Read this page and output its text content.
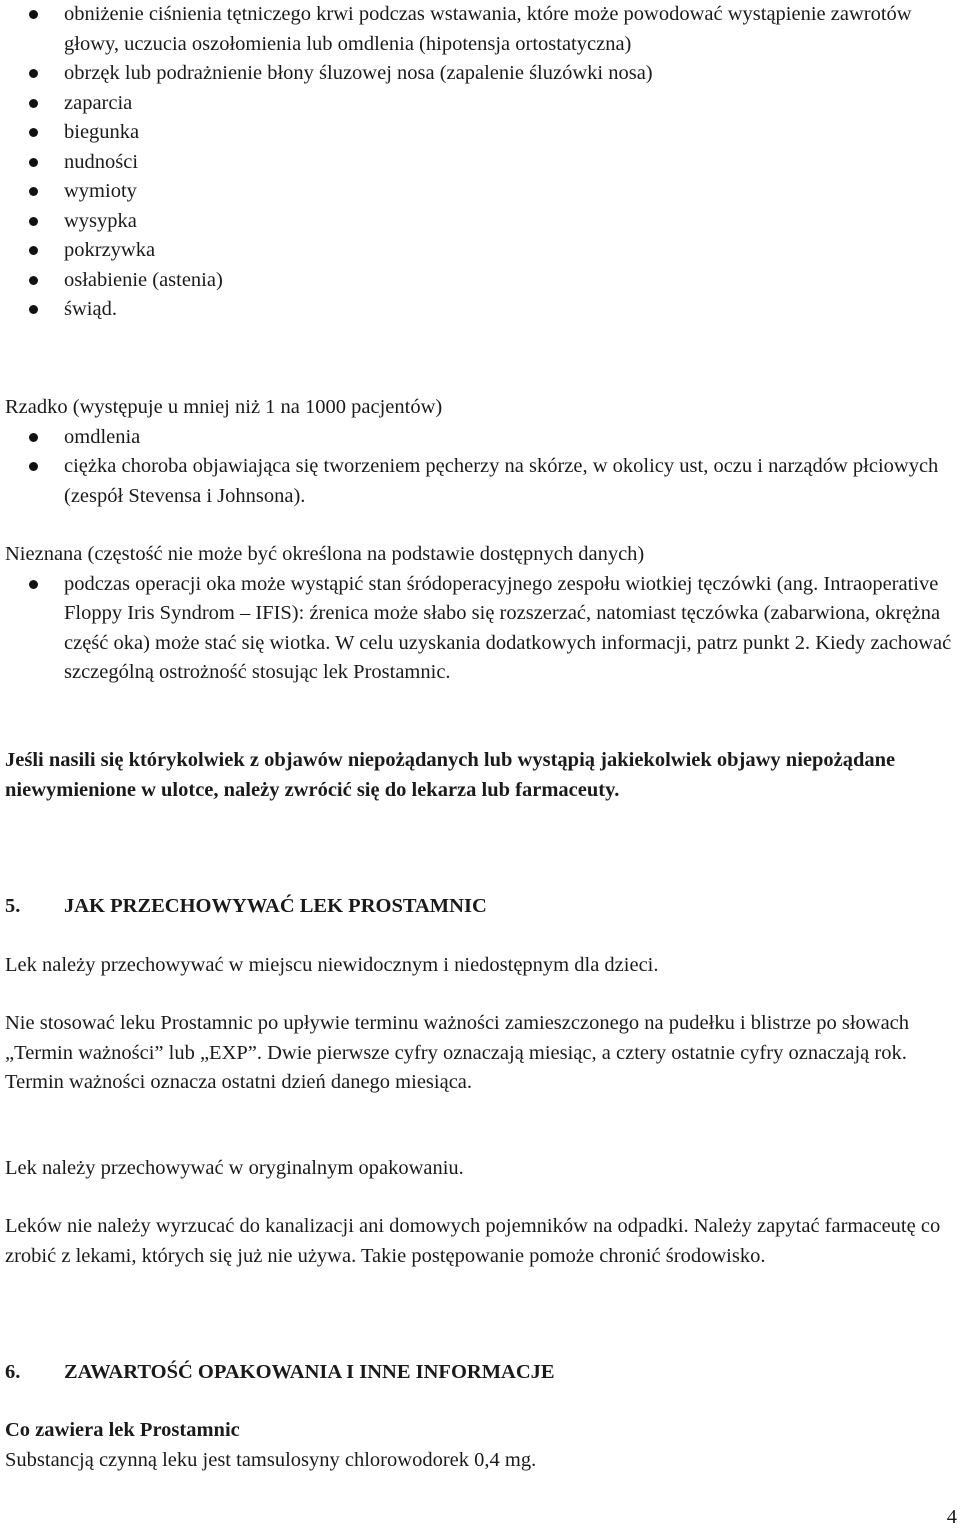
obniżenie ciśnienia tętniczego krwi podczas wstawania, które może powodować wystąpienie zawrotów głowy, uczucia oszołomienia lub omdlenia (hipotensja ortostatyczna)
obrzęk lub podrażnienie błony śluzowej nosa (zapalenie śluzówki nosa)
zaparcia
biegunka
nudności
wymioty
wysypka
pokrzywka
osłabienie (astenia)
świąd.

Rzadko (występuje u mniej niż 1 na 1000 pacjentów)

omdlenia
ciężka choroba objawiająca się tworzeniem pęcherzy na skórze, w okolicy ust, oczu i narządów płciowych (zespół Stevensa i Johnsona).

Nieznana (częstość nie może być określona na podstawie dostępnych danych)

podczas operacji oka może wystąpić stan śródoperacyjnego zespołu wiotkiej tęczówki (ang. Intraoperative Floppy Iris Syndrom – IFIS): źrenica może słabo się rozszerzać, natomiast tęczówka (zabarwiona, okrężna część oka) może stać się wiotka. W celu uzyskania dodatkowych informacji, patrz punkt 2. Kiedy zachować szczególną ostrożność stosując lek Prostamnic.

Jeśli nasili się którykolwiek z objawów niepożądanych lub wystąpią jakiekolwiek objawy niepożądane niewymienione w ulotce, należy zwrócić się do lekarza lub farmaceuty.

5. JAK PRZECHOWYWAĆ LEK PROSTAMNIC

Lek należy przechowywać w miejscu niewidocznym i niedostępnym dla dzieci.

Nie stosować leku Prostamnic po upływie terminu ważności zamieszczonego na pudełku i blistrze po słowach „Termin ważności” lub „EXP”. Dwie pierwsze cyfry oznaczają miesiąc, a cztery ostatnie cyfry oznaczają rok. Termin ważności oznacza ostatni dzień danego miesiąca.

Lek należy przechowywać w oryginalnym opakowaniu.

Leków nie należy wyrzucać do kanalizacji ani domowych pojemników na odpadki. Należy zapytać farmaceutę co zrobić z lekami, których się już nie używa. Takie postępowanie pomoże chronić środowisko.

6. ZAWARTOŚĆ OPAKOWANIA I INNE INFORMACJE

Co zawiera lek Prostamnic

Substancją czynną leku jest tamsulosyny chlorowodorek 0,4 mg.

4
